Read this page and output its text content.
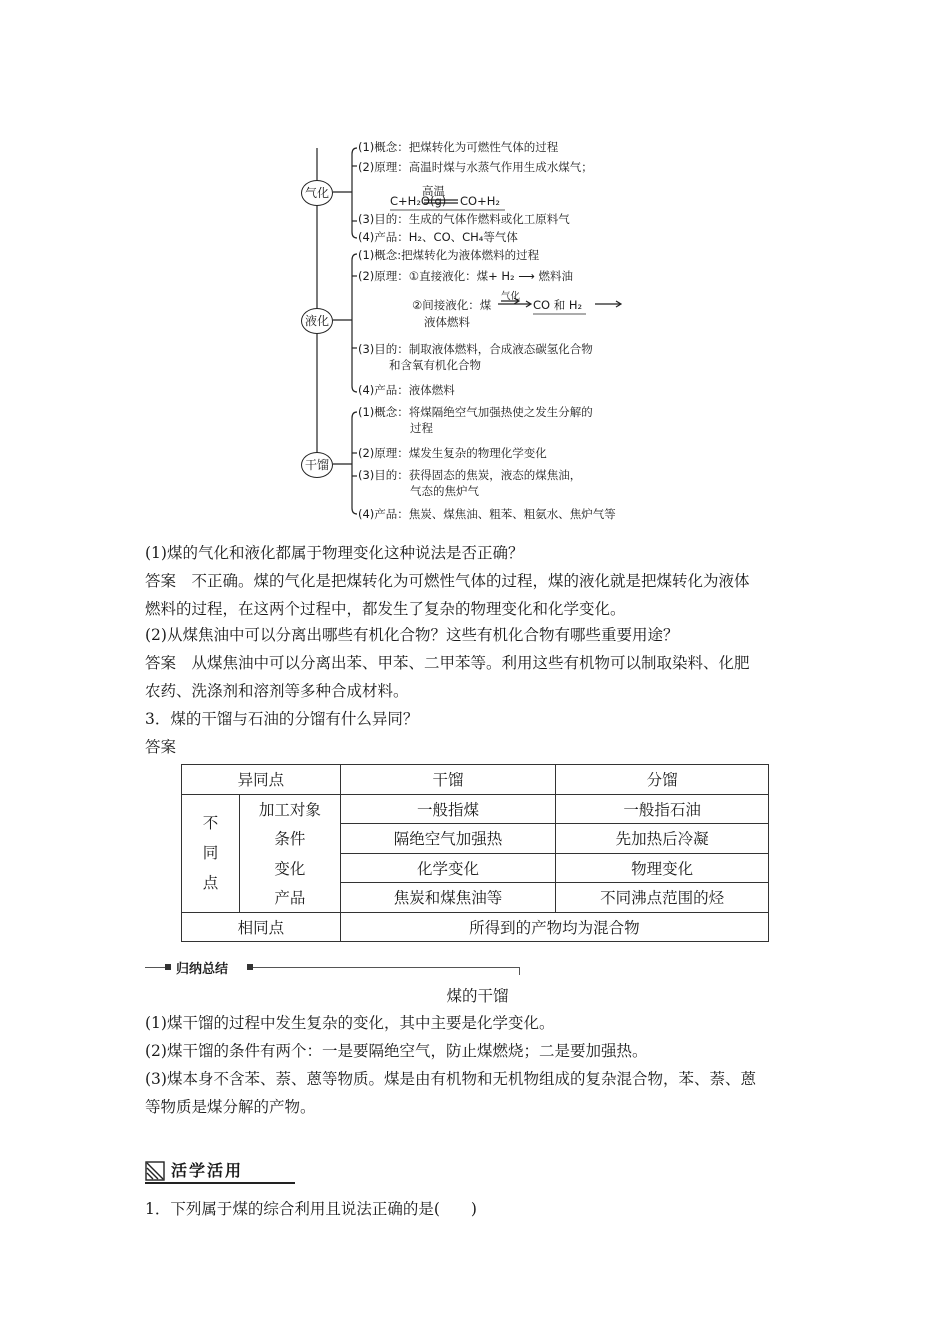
气化
液化
干馏
(1)概念：把煤转化为可燃性气体的过程
(2)原理：高温时煤与水蒸气作用生成水煤气；
高温
C+H₂O(g) CO+H₂
(3)目的：生成的气体作燃料或化工原料气
(4)产品：H₂、CO、CH₄等气体
(1)概念:把煤转化为液体燃料的过程
(2)原理：①直接液化：煤+ H₂ ⟶ 燃料油
②间接液化：煤
气化
CO 和 H₂
液体燃料
(3)目的：制取液体燃料，合成液态碳氢化合物
和含氧有机化合物
(4)产品：液体燃料
(1)概念：将煤隔绝空气加强热使之发生分解的
过程
(2)原理：煤发生复杂的物理化学变化
(3)目的：获得固态的焦炭，液态的煤焦油，
气态的焦炉气
(4)产品：焦炭、煤焦油、粗苯、粗氨水、焦炉气等
(1)煤的气化和液化都属于物理变化这种说法是否正确？
答案　不正确。煤的气化是把煤转化为可燃性气体的过程，煤的液化就是把煤转化为液体
燃料的过程，在这两个过程中，都发生了复杂的物理变化和化学变化。
(2)从煤焦油中可以分离出哪些有机化合物？这些有机化合物有哪些重要用途？
答案　从煤焦油中可以分离出苯、甲苯、二甲苯等。利用这些有机物可以制取染料、化肥
农药、洗涤剂和溶剂等多种合成材料。
3．煤的干馏与石油的分馏有什么异同？
答案
异同点		干馏	分馏

不
同
点	加工对象	一般指煤	一般指石油
	条件	隔绝空气加强热	先加热后冷凝
	变化	化学变化	物理变化
	产品	焦炭和煤焦油等	不同沸点范围的烃
相同点		所得到的产物均为混合物	
归纳总结
煤的干馏
(1)煤干馏的过程中发生复杂的变化，其中主要是化学变化。
(2)煤干馏的条件有两个：一是要隔绝空气，防止煤燃烧；二是要加强热。
(3)煤本身不含苯、萘、蒽等物质。煤是由有机物和无机物组成的复杂混合物，苯、萘、蒽
等物质是煤分解的产物。
活学活用
1．下列属于煤的综合利用且说法正确的是(　　)
